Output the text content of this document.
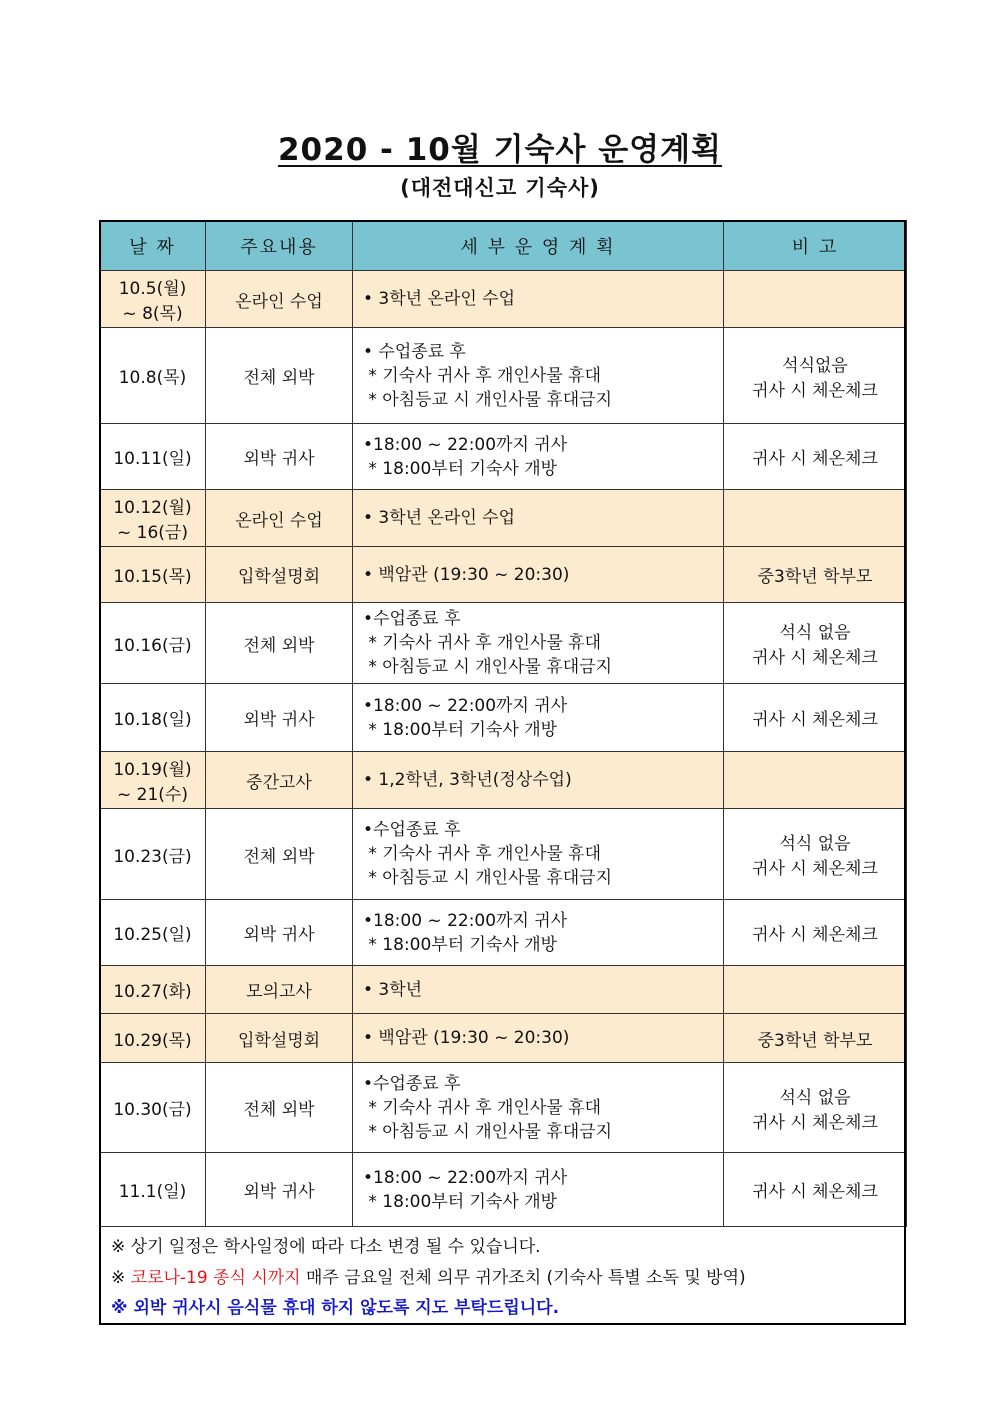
2020 - 10월 기숙사 운영계획
(대전대신고 기숙사)
날 짜	주요내용	세 부 운 영 계 획	비 고

10.5(월)
~ 8(목)	온라인 수업	• 3학년 온라인 수업	

10.8(목)	전체 외박	• 수업종료 후
* 기숙사 귀사 후 개인사물 휴대
* 아침등교 시 개인사물 휴대금지	석식없음
귀사 시 체온체크

10.11(일)	외박 귀사	•18:00 ~ 22:00까지 귀사
* 18:00부터 기숙사 개방	귀사 시 체온체크

10.12(월)
~ 16(금)	온라인 수업	• 3학년 온라인 수업	

10.15(목)	입학설명회	• 백암관 (19:30 ~ 20:30)	중3학년 학부모

10.16(금)	전체 외박	•수업종료 후
* 기숙사 귀사 후 개인사물 휴대
* 아침등교 시 개인사물 휴대금지	석식 없음
귀사 시 체온체크

10.18(일)	외박 귀사	•18:00 ~ 22:00까지 귀사
* 18:00부터 기숙사 개방	귀사 시 체온체크

10.19(월)
~ 21(수)	중간고사	• 1,2학년, 3학년(정상수업)	

10.23(금)	전체 외박	•수업종료 후
* 기숙사 귀사 후 개인사물 휴대
* 아침등교 시 개인사물 휴대금지	석식 없음
귀사 시 체온체크

10.25(일)	외박 귀사	•18:00 ~ 22:00까지 귀사
* 18:00부터 기숙사 개방	귀사 시 체온체크

10.27(화)	모의고사	• 3학년	

10.29(목)	입학설명회	• 백암관 (19:30 ~ 20:30)	중3학년 학부모

10.30(금)	전체 외박	•수업종료 후
* 기숙사 귀사 후 개인사물 휴대
* 아침등교 시 개인사물 휴대금지	석식 없음
귀사 시 체온체크

11.1(일)	외박 귀사	•18:00 ~ 22:00까지 귀사
* 18:00부터 기숙사 개방	귀사 시 체온체크
※ 상기 일정은 학사일정에 따라 다소 변경 될 수 있습니다.
※ 코로나-19 종식 시까지 매주 금요일 전체 의무 귀가조치 (기숙사 특별 소독 및 방역)
※ 외박 귀사시 음식물 휴대 하지 않도록 지도 부탁드립니다.
